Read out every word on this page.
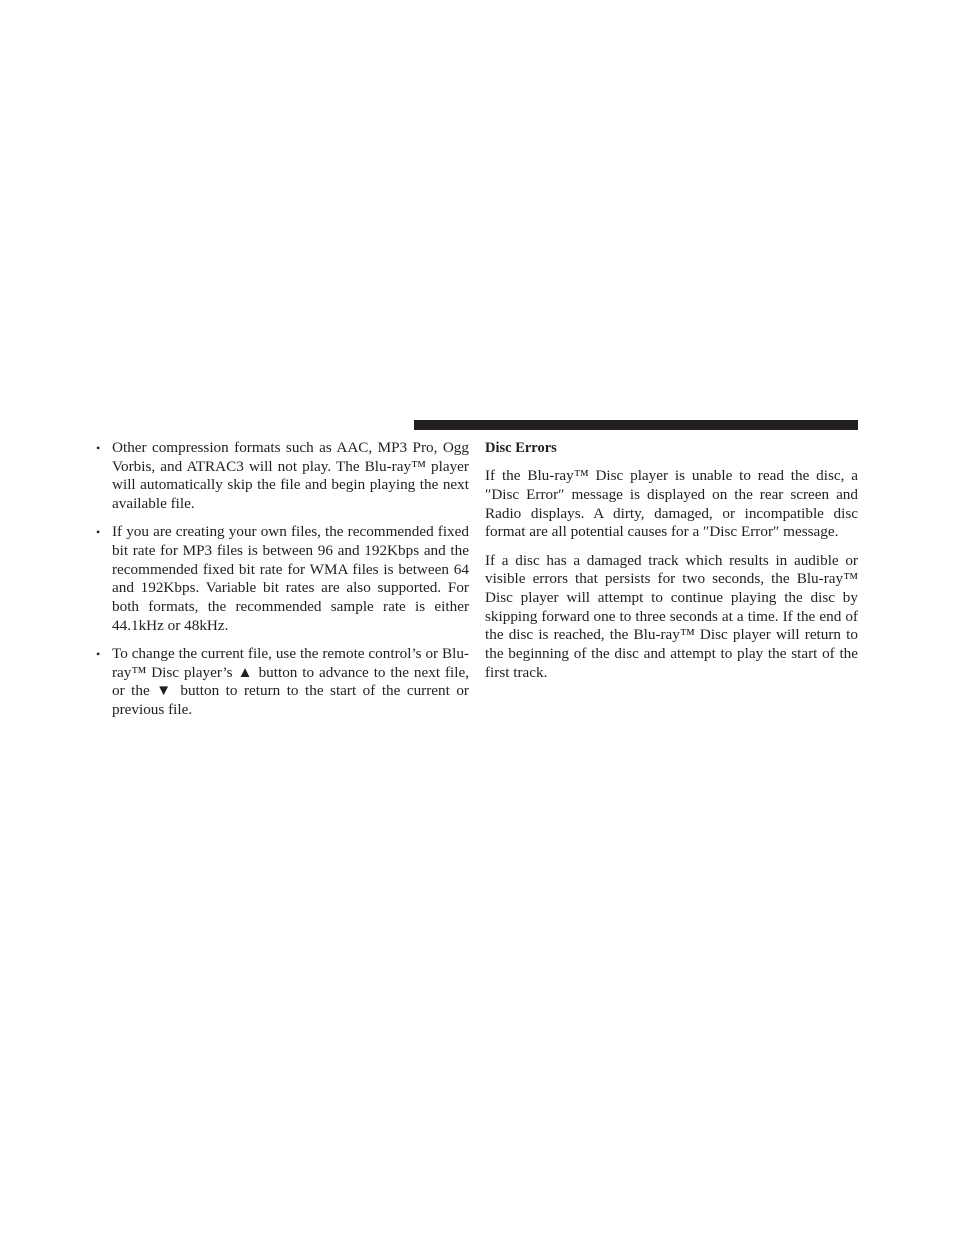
• Other compression formats such as AAC, MP3 Pro, Ogg Vorbis, and ATRAC3 will not play. The Blu-ray™ player will automatically skip the file and begin playing the next available file.
• If you are creating your own files, the recommended fixed bit rate for MP3 files is between 96 and 192Kbps and the recommended fixed bit rate for WMA files is between 64 and 192Kbps. Variable bit rates are also supported. For both formats, the recommended sample rate is either 44.1kHz or 48kHz.
• To change the current file, use the remote control’s or Blu-ray™ Disc player’s ▲ button to advance to the next file, or the ▼ button to return to the start of the current or previous file.
Disc Errors

If the Blu-ray™ Disc player is unable to read the disc, a ″Disc Error″ message is displayed on the rear screen and Radio displays. A dirty, damaged, or incompatible disc format are all potential causes for a ″Disc Error″ message.

If a disc has a damaged track which results in audible or visible errors that persists for two seconds, the Blu-ray™ Disc player will attempt to continue playing the disc by skipping forward one to three seconds at a time. If the end of the disc is reached, the Blu-ray™ Disc player will return to the beginning of the disc and attempt to play the start of the first track.
